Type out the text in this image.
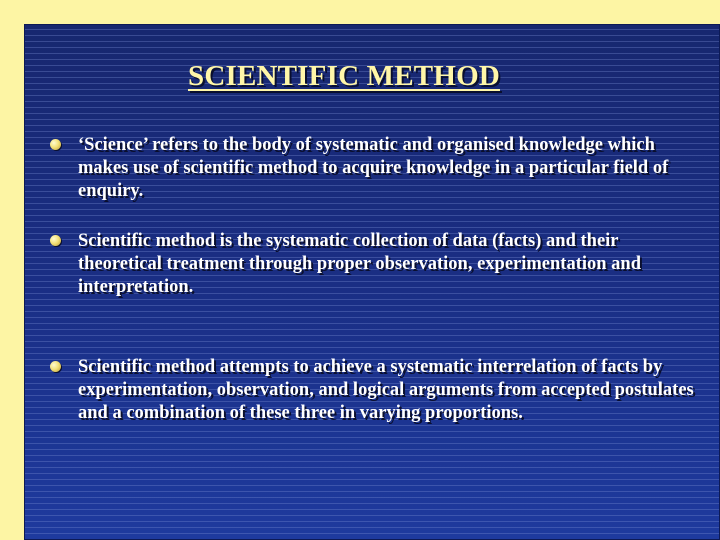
SCIENTIFIC METHOD
‘Science’ refers to the body of systematic and organised knowledge which makes use of scientific method to acquire knowledge in a particular field of enquiry.
Scientific method is the systematic collection of data (facts) and their theoretical treatment through proper observation, experimentation and interpretation.
Scientific method attempts to achieve a systematic interrelation of facts by experimentation, observation, and logical arguments from accepted postulates and a combination of these three in varying proportions.
